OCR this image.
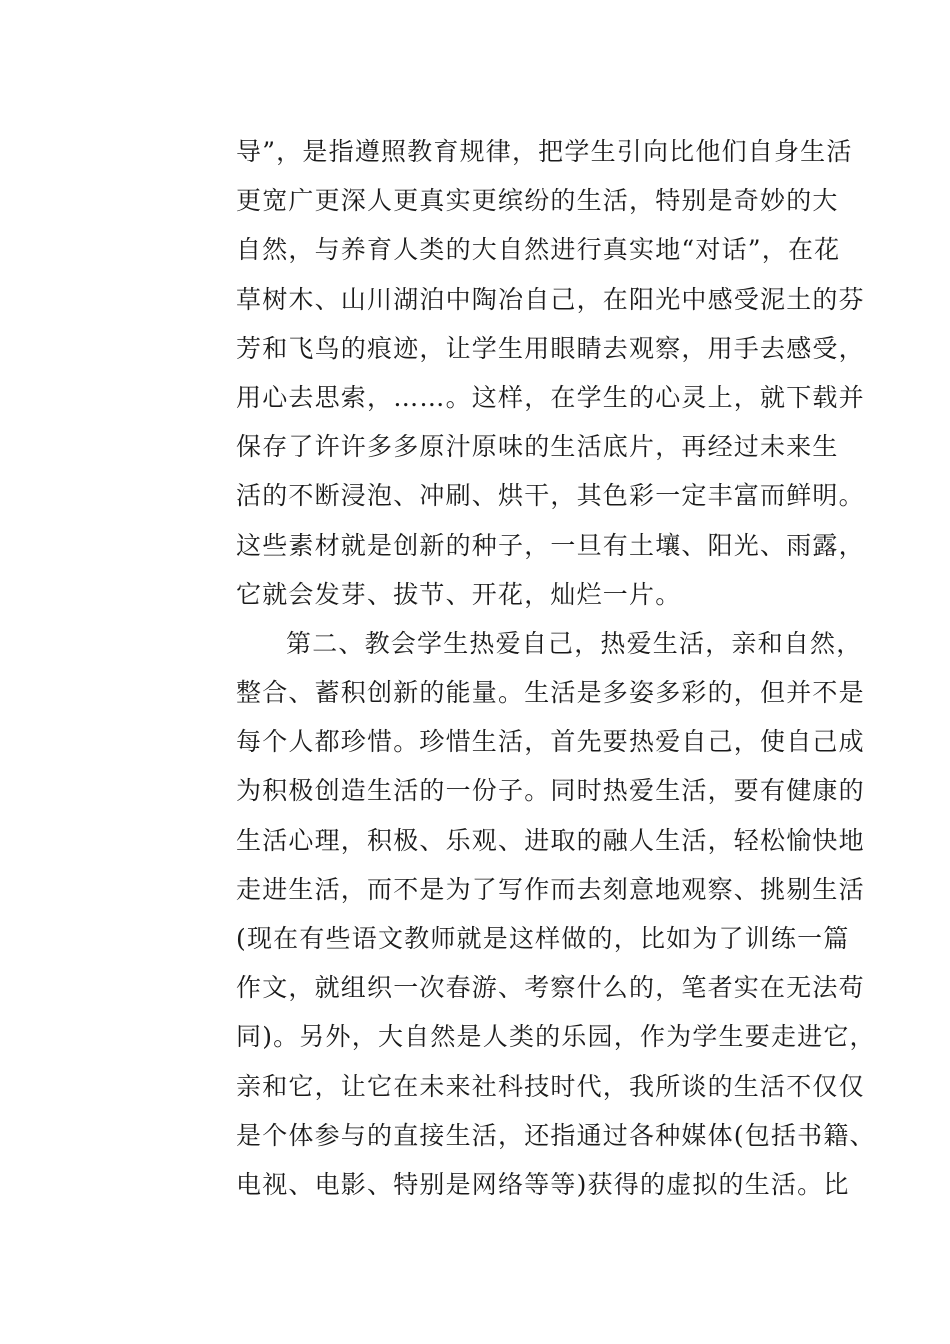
导”，是指遵照教育规律，把学生引向比他们自身生活
更宽广更深人更真实更缤纷的生活，特别是奇妙的大
自然，与养育人类的大自然进行真实地“对话”，在花
草树木、山川湖泊中陶冶自己，在阳光中感受泥土的芬
芳和飞鸟的痕迹，让学生用眼睛去观察，用手去感受，
用心去思索，……。这样，在学生的心灵上，就下载并
保存了许许多多原汁原味的生活底片，再经过未来生
活的不断浸泡、冲刷、烘干，其色彩一定丰富而鲜明。
这些素材就是创新的种子，一旦有土壤、阳光、雨露，
它就会发芽、拔节、开花，灿烂一片。
第二、教会学生热爱自己，热爱生活，亲和自然，
整合、蓄积创新的能量。生活是多姿多彩的，但并不是
每个人都珍惜。珍惜生活，首先要热爱自己，使自己成
为积极创造生活的一份子。同时热爱生活，要有健康的
生活心理，积极、乐观、进取的融人生活，轻松愉快地
走进生活，而不是为了写作而去刻意地观察、挑剔生活
(现在有些语文教师就是这样做的，比如为了训练一篇
作文，就组织一次春游、考察什么的，笔者实在无法苟
同)。另外，大自然是人类的乐园，作为学生要走进它，
亲和它，让它在未来社科技时代，我所谈的生活不仅仅
是个体参与的直接生活，还指通过各种媒体(包括书籍、
电视、电影、特别是网络等等)获得的虚拟的生活。比
